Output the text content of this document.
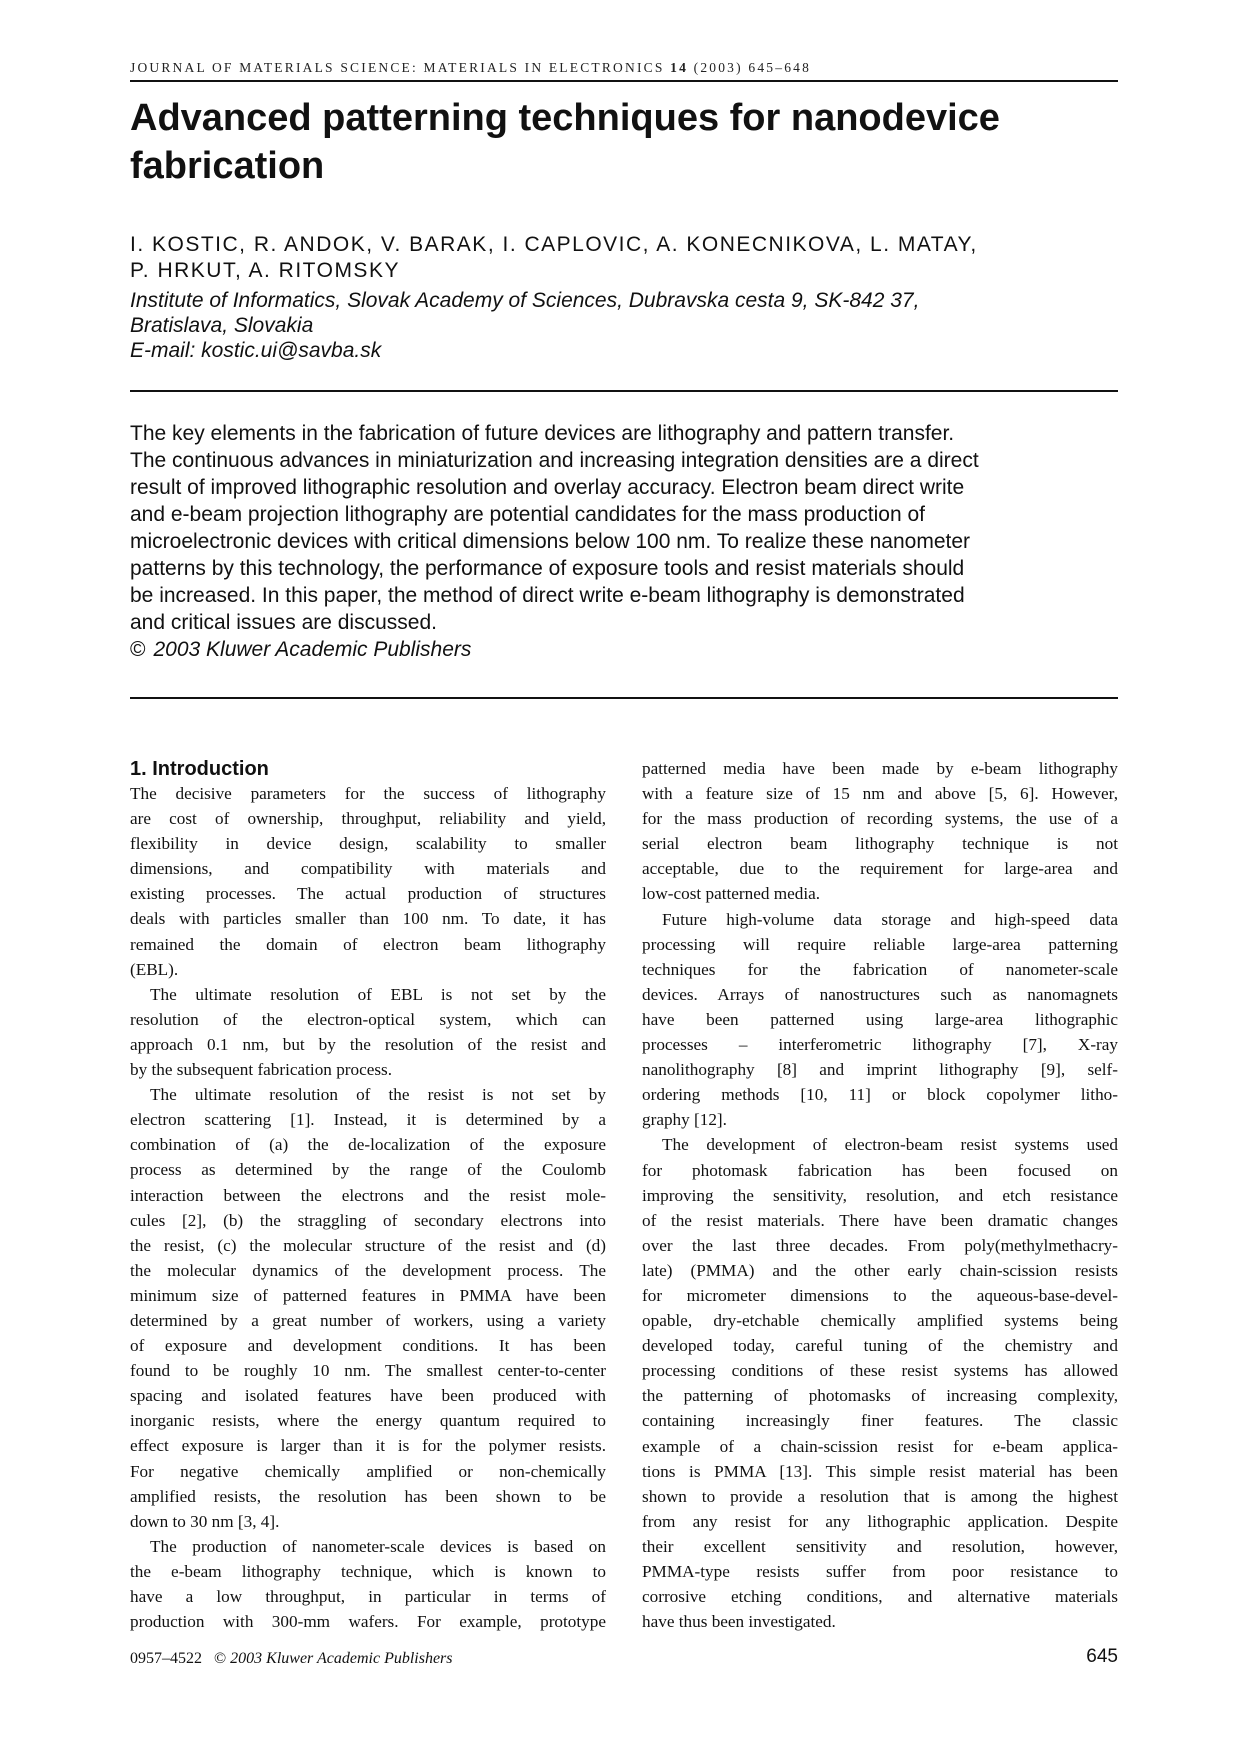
JOURNAL OF MATERIALS SCIENCE: MATERIALS IN ELECTRONICS 14 (2003) 645–648
Advanced patterning techniques for nanodevice
fabrication
I. KOSTIC, R. ANDOK, V. BARAK, I. CAPLOVIC, A. KONECNIKOVA, L. MATAY,
P. HRKUT, A. RITOMSKY
Institute of Informatics, Slovak Academy of Sciences, Dubravska cesta 9, SK-842 37,
Bratislava, Slovakia
E-mail: kostic.ui@savba.sk
The key elements in the fabrication of future devices are lithography and pattern transfer.
The continuous advances in miniaturization and increasing integration densities are a direct
result of improved lithographic resolution and overlay accuracy. Electron beam direct write
and e-beam projection lithography are potential candidates for the mass production of
microelectronic devices with critical dimensions below 100 nm. To realize these nanometer
patterns by this technology, the performance of exposure tools and resist materials should
be increased. In this paper, the method of direct write e-beam lithography is demonstrated
and critical issues are discussed.
© 2003 Kluwer Academic Publishers
1. Introduction
The decisive parameters for the success of lithography
are cost of ownership, throughput, reliability and yield,
flexibility in device design, scalability to smaller
dimensions, and compatibility with materials and
existing processes. The actual production of structures
deals with particles smaller than 100 nm. To date, it has
remained the domain of electron beam lithography
(EBL).
The ultimate resolution of EBL is not set by the
resolution of the electron-optical system, which can
approach 0.1 nm, but by the resolution of the resist and
by the subsequent fabrication process.
The ultimate resolution of the resist is not set by
electron scattering [1]. Instead, it is determined by a
combination of (a) the de-localization of the exposure
process as determined by the range of the Coulomb
interaction between the electrons and the resist mole-
cules [2], (b) the straggling of secondary electrons into
the resist, (c) the molecular structure of the resist and (d)
the molecular dynamics of the development process. The
minimum size of patterned features in PMMA have been
determined by a great number of workers, using a variety
of exposure and development conditions. It has been
found to be roughly 10 nm. The smallest center-to-center
spacing and isolated features have been produced with
inorganic resists, where the energy quantum required to
effect exposure is larger than it is for the polymer resists.
For negative chemically amplified or non-chemically
amplified resists, the resolution has been shown to be
down to 30 nm [3, 4].
The production of nanometer-scale devices is based on
the e-beam lithography technique, which is known to
have a low throughput, in particular in terms of
production with 300-mm wafers. For example, prototype
patterned media have been made by e-beam lithography
with a feature size of 15 nm and above [5, 6]. However,
for the mass production of recording systems, the use of a
serial electron beam lithography technique is not
acceptable, due to the requirement for large-area and
low-cost patterned media.
Future high-volume data storage and high-speed data
processing will require reliable large-area patterning
techniques for the fabrication of nanometer-scale
devices. Arrays of nanostructures such as nanomagnets
have been patterned using large-area lithographic
processes – interferometric lithography [7], X-ray
nanolithography [8] and imprint lithography [9], self-
ordering methods [10, 11] or block copolymer litho-
graphy [12].
The development of electron-beam resist systems used
for photomask fabrication has been focused on
improving the sensitivity, resolution, and etch resistance
of the resist materials. There have been dramatic changes
over the last three decades. From poly(methylmethacry-
late) (PMMA) and the other early chain-scission resists
for micrometer dimensions to the aqueous-base-devel-
opable, dry-etchable chemically amplified systems being
developed today, careful tuning of the chemistry and
processing conditions of these resist systems has allowed
the patterning of photomasks of increasing complexity,
containing increasingly finer features. The classic
example of a chain-scission resist for e-beam applica-
tions is PMMA [13]. This simple resist material has been
shown to provide a resolution that is among the highest
from any resist for any lithographic application. Despite
their excellent sensitivity and resolution, however,
PMMA-type resists suffer from poor resistance to
corrosive etching conditions, and alternative materials
have thus been investigated.
0957–4522 © 2003 Kluwer Academic Publishers	645
